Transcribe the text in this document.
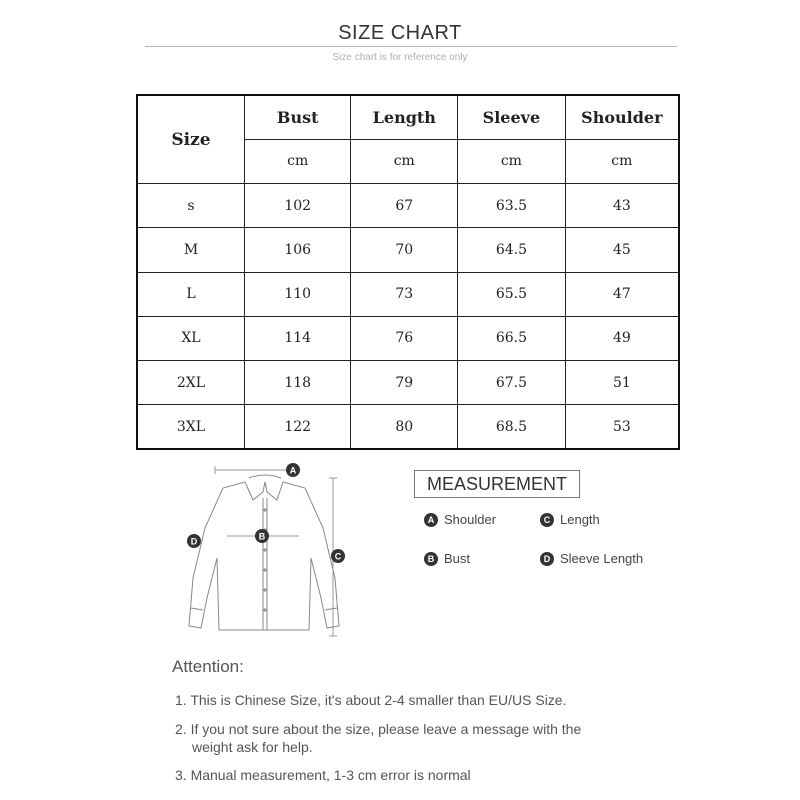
SIZE CHART
Size chart is for reference only
Size	Bust	Length	Sleeve	Shoulder
	cm	cm	cm	cm
s	102	67	63.5	43
M	106	70	64.5	45
L	110	73	65.5	47
XL	114	76	66.5	49
2XL	118	79	67.5	51
3XL	122	80	68.5	53
A
B
C
D
MEASUREMENT
A Shoulder	C Length
B Bust	D Sleeve Length
Attention:
1. This is Chinese Size, it's about 2-4 smaller than EU/US Size.
2. If you not sure about the size, please leave a message with the
weight ask for help.
3. Manual measurement, 1-3 cm error is normal
